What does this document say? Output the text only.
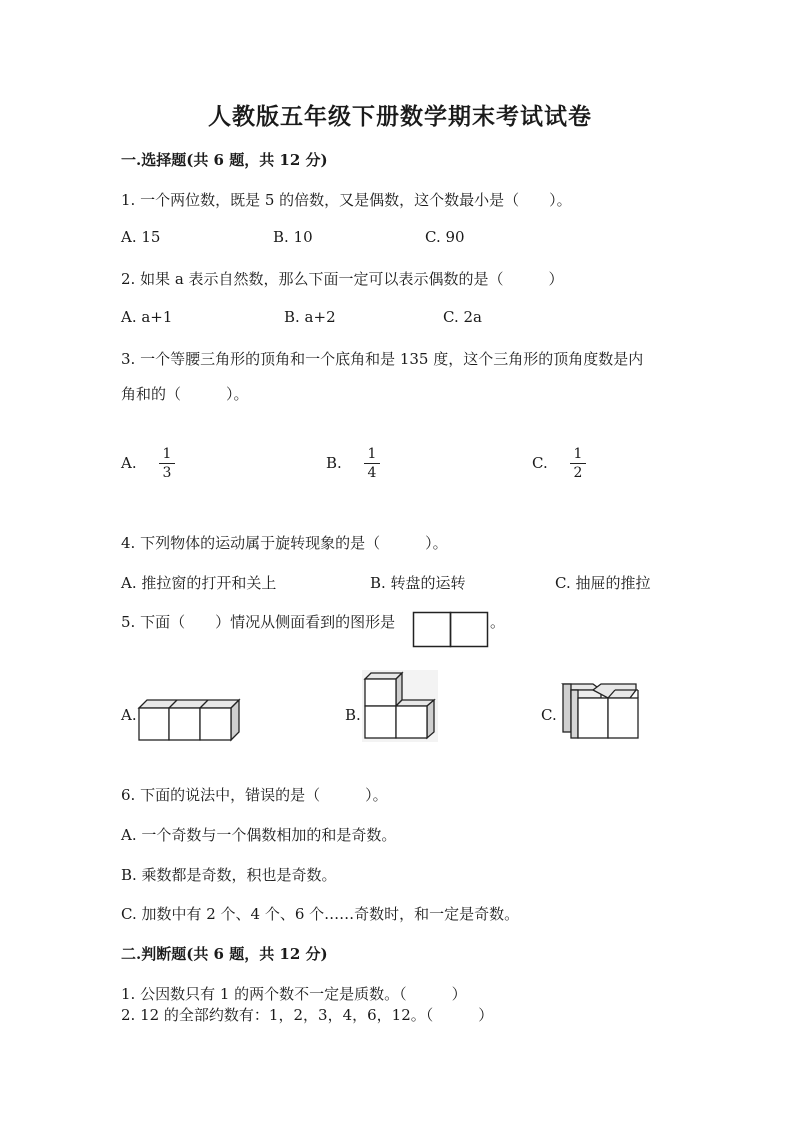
人教版五年级下册数学期末考试试卷
一.选择题(共 6 题，共 12 分)
1. 一个两位数，既是 5 的倍数，又是偶数，这个数最小是（　　）。
A. 15	B. 10	C. 90
2. 如果 a 表示自然数，那么下面一定可以表示偶数的是（　　　）
A. a+1	B. a+2	C. 2a
3. 一个等腰三角形的顶角和一个底角和是 135 度，这个三角形的顶角度数是内
角和的（　　　）。
A. 1
3
B. 1
4
C. 1
2
4. 下列物体的运动属于旋转现象的是（　　　）。
A. 推拉窗的打开和关上	B. 转盘的运转	C. 抽屉的推拉
5. 下面（　　）情况从侧面看到的图形是	。
A.	B.	C.
6. 下面的说法中，错误的是（　　　）。
A. 一个奇数与一个偶数相加的和是奇数。
B. 乘数都是奇数，积也是奇数。
C. 加数中有 2 个、4 个、6 个……奇数时，和一定是奇数。
二.判断题(共 6 题，共 12 分)
1. 公因数只有 1 的两个数不一定是质数。（　　　）
2. 12 的全部约数有：1，2，3，4，6，12。（　　　）
